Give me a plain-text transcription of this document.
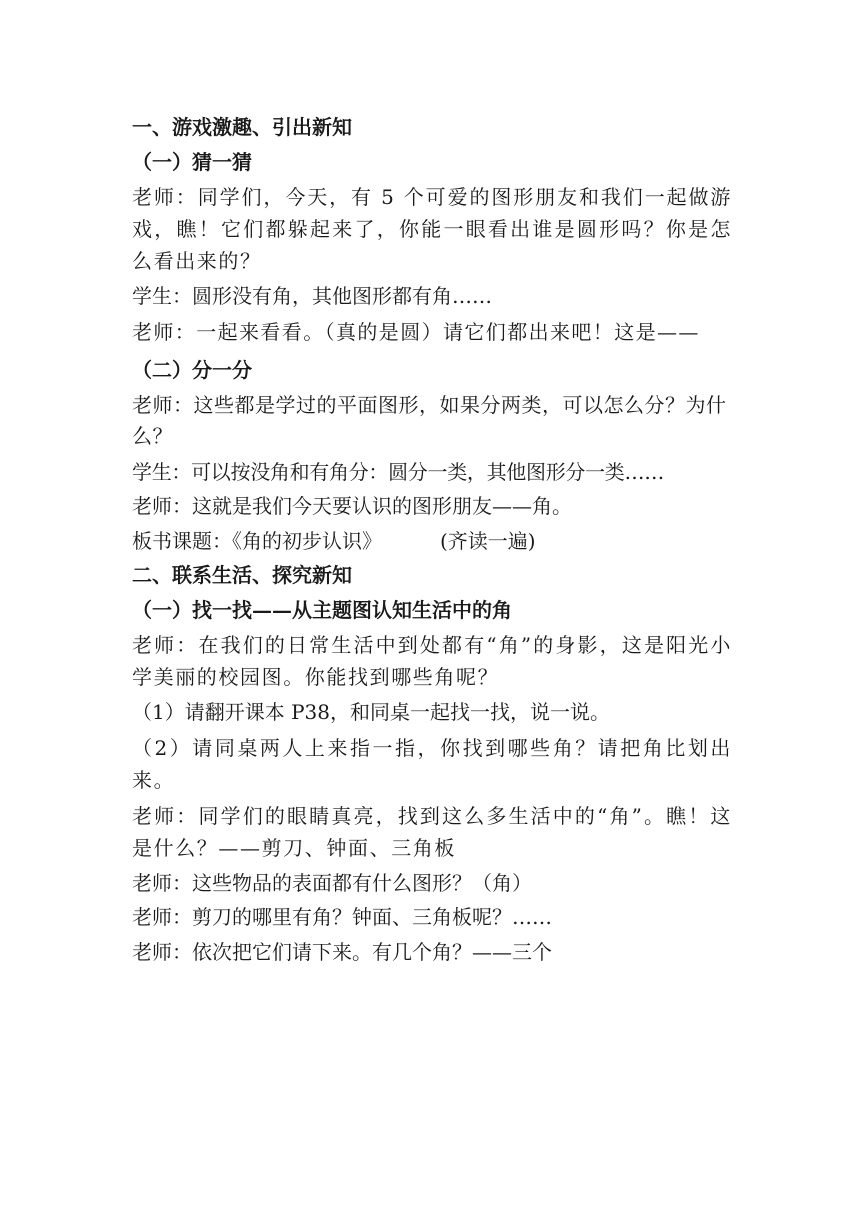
一、游戏激趣、引出新知
（一）猜一猜
老师：同学们，今天，有 5 个可爱的图形朋友和我们一起做游戏，瞧！它们都躲起来了，你能一眼看出谁是圆形吗？你是怎么看出来的？
学生：圆形没有角，其他图形都有角……
老师：一起来看看。（真的是圆）请它们都出来吧！这是——
（二）分一分
老师：这些都是学过的平面图形，如果分两类，可以怎么分？为什么？
学生：可以按没角和有角分：圆分一类，其他图形分一类……
老师：这就是我们今天要认识的图形朋友——角。
板书课题：《角的初步认识》	(齐读一遍)
二、联系生活、探究新知
（一）找一找——从主题图认知生活中的角
老师：在我们的日常生活中到处都有“角”的身影，这是阳光小学美丽的校园图。你能找到哪些角呢？
（1）请翻开课本 P38，和同桌一起找一找，说一说。
（2）请同桌两人上来指一指，你找到哪些角？请把角比划出来。
老师：同学们的眼睛真亮，找到这么多生活中的“角”。瞧！这是什么？——剪刀、钟面、三角板
老师：这些物品的表面都有什么图形？（角）
老师：剪刀的哪里有角？钟面、三角板呢？……
老师：依次把它们请下来。有几个角？——三个
